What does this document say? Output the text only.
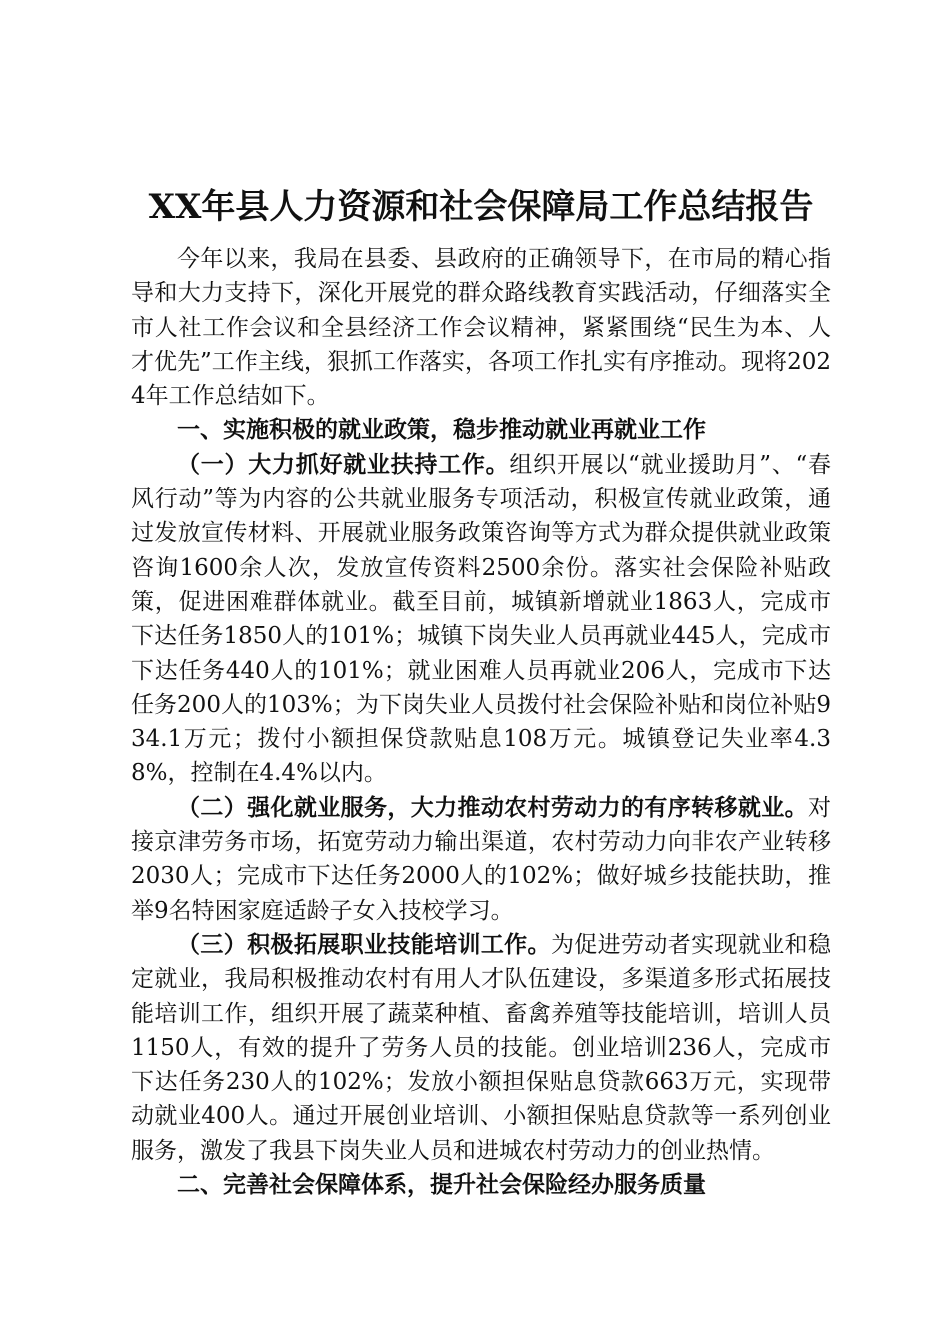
XX年县人力资源和社会保障局工作总结报告

今年以来，我局在县委、县政府的正确领导下，在市局的精心指导和大力支持下，深化开展党的群众路线教育实践活动，仔细落实全市人社工作会议和全县经济工作会议精神，紧紧围绕“民生为本、人才优先”工作主线，狠抓工作落实，各项工作扎实有序推动。现将2024年工作总结如下。

一、实施积极的就业政策，稳步推动就业再就业工作

（一）大力抓好就业扶持工作。组织开展以“就业援助月”、“春风行动”等为内容的公共就业服务专项活动，积极宣传就业政策，通过发放宣传材料、开展就业服务政策咨询等方式为群众提供就业政策咨询1600余人次，发放宣传资料2500余份。落实社会保险补贴政策，促进困难群体就业。截至目前，城镇新增就业1863人，完成市下达任务1850人的101%；城镇下岗失业人员再就业445人，完成市下达任务440人的101%；就业困难人员再就业206人，完成市下达任务200人的103%；为下岗失业人员拨付社会保险补贴和岗位补贴934.1万元；拨付小额担保贷款贴息108万元。城镇登记失业率4.38%，控制在4.4%以内。

（二）强化就业服务，大力推动农村劳动力的有序转移就业。对接京津劳务市场，拓宽劳动力输出渠道，农村劳动力向非农产业转移2030人；完成市下达任务2000人的102%；做好城乡技能扶助，推举9名特困家庭适龄子女入技校学习。

（三）积极拓展职业技能培训工作。为促进劳动者实现就业和稳定就业，我局积极推动农村有用人才队伍建设，多渠道多形式拓展技能培训工作，组织开展了蔬菜种植、畜禽养殖等技能培训，培训人员1150人，有效的提升了劳务人员的技能。创业培训236人，完成市下达任务230人的102%；发放小额担保贴息贷款663万元，实现带动就业400人。通过开展创业培训、小额担保贴息贷款等一系列创业服务，激发了我县下岗失业人员和进城农村劳动力的创业热情。

二、完善社会保障体系，提升社会保险经办服务质量
